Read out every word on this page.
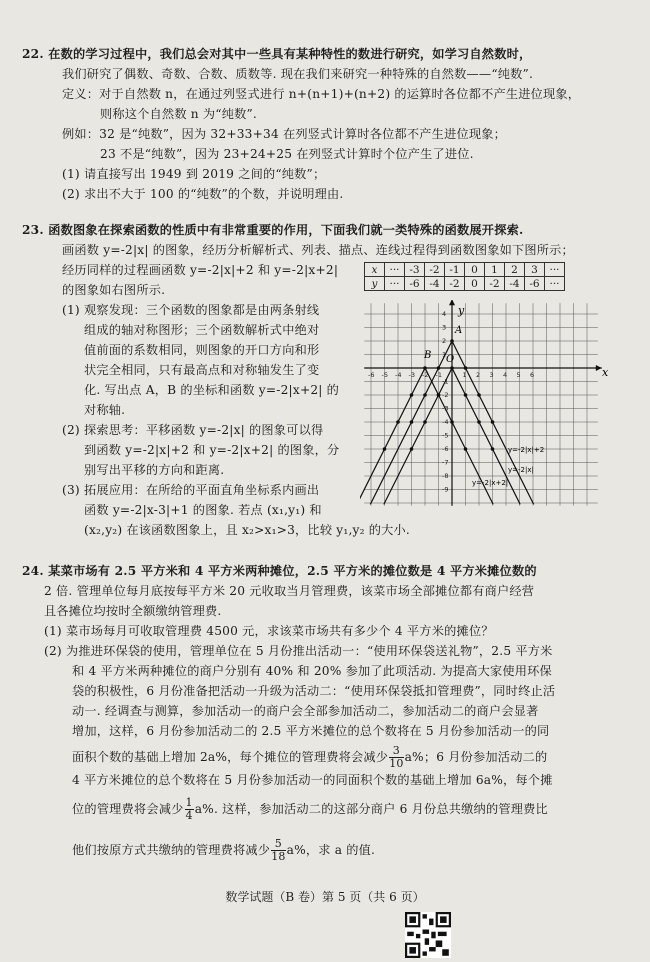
22. 在数的学习过程中，我们总会对其中一些具有某种特性的数进行研究，如学习自然数时，
我们研究了偶数、奇数、合数、质数等. 现在我们来研究一种特殊的自然数——“纯数”.
定义：对于自然数 n，在通过列竖式进行 n+(n+1)+(n+2) 的运算时各位都不产生进位现象，
则称这个自然数 n 为“纯数”.
例如：32 是“纯数”，因为 32+33+34 在列竖式计算时各位都不产生进位现象；
23 不是“纯数”，因为 23+24+25 在列竖式计算时个位产生了进位.
(1) 请直接写出 1949 到 2019 之间的“纯数”；
(2) 求出不大于 100 的“纯数”的个数，并说明理由.
23. 函数图象在探索函数的性质中有非常重要的作用，下面我们就一类特殊的函数展开探索.
画函数 y=-2|x| 的图象，经历分析解析式、列表、描点、连线过程得到函数图象如下图所示；
经历同样的过程画函数 y=-2|x|+2 和 y=-2|x+2|
的图象如右图所示.
x	···	-3	-2	-1	0	1	2	3	···
y	···	-6	-4	-2	0	-2	-4	-6	···
(1) 观察发现：三个函数的图象都是由两条射线
组成的轴对称图形；三个函数解析式中绝对
值前面的系数相同，则图象的开口方向和形
状完全相同，只有最高点和对称轴发生了变
化. 写出点 A，B 的坐标和函数 y=-2|x+2| 的
对称轴.
(2) 探索思考：平移函数 y=-2|x| 的图象可以得
到函数 y=-2|x|+2 和 y=-2|x+2| 的图象，分
别写出平移的方向和距离.
(3) 拓展应用：在所给的平面直角坐标系内画出
函数 y=-2|x-3|+1 的图象. 若点 (x₁,y₁) 和
(x₂,y₂) 在该函数图象上，且 x₂>x₁>3，比较 y₁,y₂ 的大小.
-6 -5 -4 -3 -2 -1	1 2 3 4 5 6
4
3
2
1
-1
-2
-3
-4
-5
-6
-7
-8
-9
x
y
A
B O
y=-2|x|+2
y=-2|x|
y=-2|x+2|
24. 某菜市场有 2.5 平方米和 4 平方米两种摊位，2.5 平方米的摊位数是 4 平方米摊位数的
2 倍. 管理单位每月底按每平方米 20 元收取当月管理费，该菜市场全部摊位都有商户经营
且各摊位均按时全额缴纳管理费.
(1) 菜市场每月可收取管理费 4500 元，求该菜市场共有多少个 4 平方米的摊位？
(2) 为推进环保袋的使用，管理单位在 5 月份推出活动一：“使用环保袋送礼物”，2.5 平方米
和 4 平方米两种摊位的商户分别有 40% 和 20% 参加了此项活动. 为提高大家使用环保
袋的积极性，6 月份准备把活动一升级为活动二：“使用环保袋抵扣管理费”，同时终止活
动一. 经调查与测算，参加活动一的商户会全部参加活动二，参加活动二的商户会显著
增加，这样，6 月份参加活动二的 2.5 平方米摊位的总个数将在 5 月份参加活动一的同
面积个数的基础上增加 2a%，每个摊位的管理费将会减少 $\frac{3}{10} a\%$；6 月份参加活动二的
4 平方米摊位的总个数将在 5 月份参加活动一的同面积个数的基础上增加 6a%，每个摊
位的管理费将会减少 $\frac{1}{4} a\%$. 这样，参加活动二的这部分商户 6 月份总共缴纳的管理费比
他们按原方式共缴纳的管理费将减少 $\frac{5}{18} a\%$，求 a 的值.
数学试题（B 卷）第 5 页（共 6 页）
